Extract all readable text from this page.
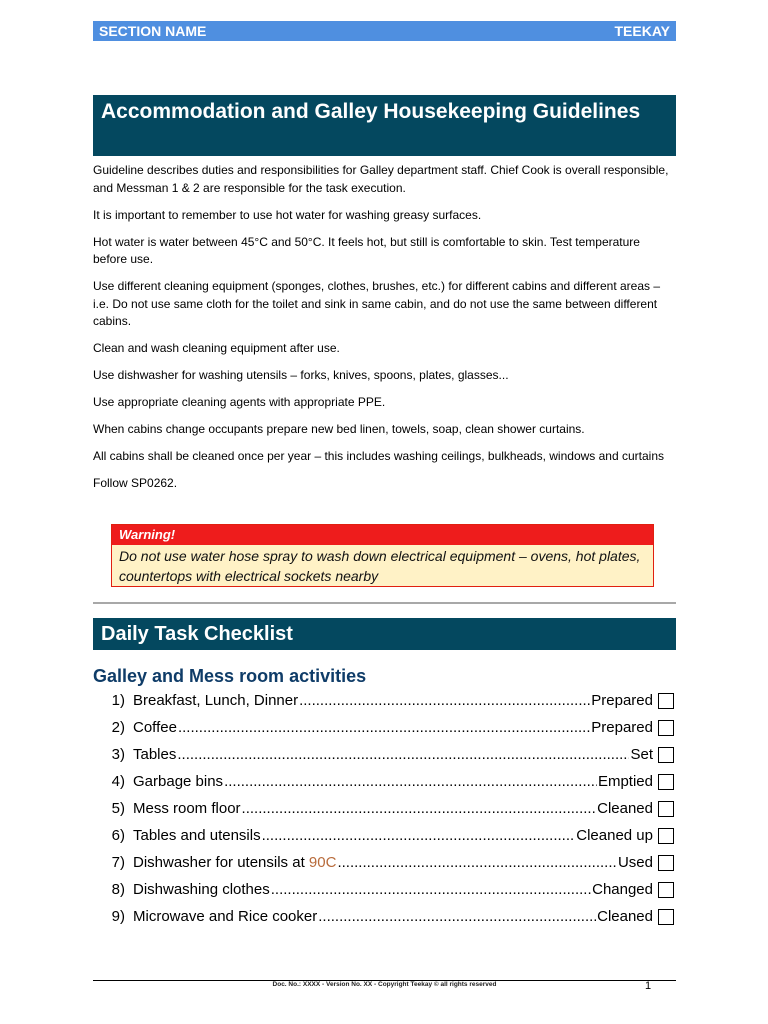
SECTION NAME	TEEKAY
Accommodation and Galley Housekeeping Guidelines

Guideline describes duties and responsibilities for Galley department staff. Chief Cook is overall responsible, and Messman 1 & 2 are responsible for the task execution.

It is important to remember to use hot water for washing greasy surfaces.

Hot water is water between 45°C and 50°C. It feels hot, but still is comfortable to skin. Test temperature before use.

Use different cleaning equipment (sponges, clothes, brushes, etc.) for different cabins and different areas – i.e. Do not use same cloth for the toilet and sink in same cabin, and do not use the same between different cabins.

Clean and wash cleaning equipment after use.

Use dishwasher for washing utensils – forks, knives, spoons, plates, glasses...

Use appropriate cleaning agents with appropriate PPE.

When cabins change occupants prepare new bed linen, towels, soap, clean shower curtains.

All cabins shall be cleaned once per year – this includes washing ceilings, bulkheads, windows and curtains

Follow SP0262.

Warning!
Do not use water hose spray to wash down electrical equipment – ovens, hot plates, countertops with electrical sockets nearby
Daily Task Checklist
Galley and Mess room activities
1) Breakfast, Lunch, Dinner .....	Prepared
2) Coffee .....	Prepared
3) Tables .....	Set
4) Garbage bins .....	Emptied
5) Mess room floor .....	Cleaned
6) Tables and utensils .....	Cleaned up
7) Dishwasher for utensils at 90C .....	Used
8) Dishwashing clothes .....	Changed
9) Microwave and Rice cooker .....	Cleaned
Doc. No.: XXXX - Version No. XX - Copyright Teekay © all rights reserved	1
